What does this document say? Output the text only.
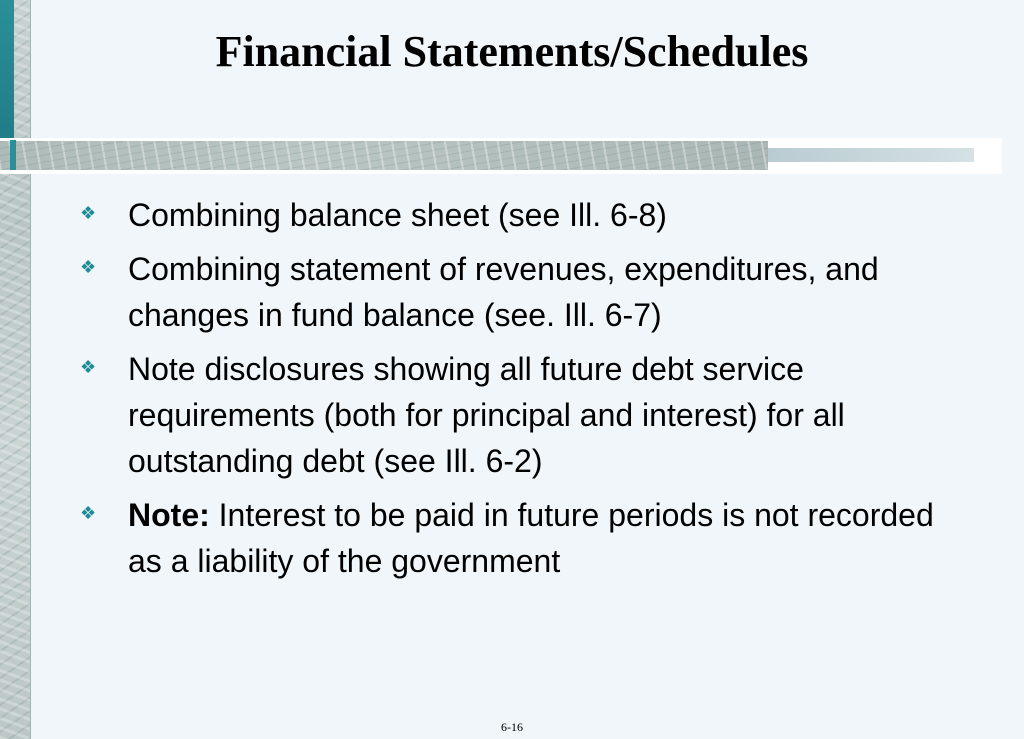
Financial Statements/Schedules
❖ Combining balance sheet (see Ill. 6-8)
❖ Combining statement of revenues, expenditures, and changes in fund balance (see. Ill. 6-7)
❖ Note disclosures showing all future debt service requirements (both for principal and interest) for all outstanding debt (see Ill. 6-2)
❖ Note: Interest to be paid in future periods is not recorded as a liability of the government
6-16
